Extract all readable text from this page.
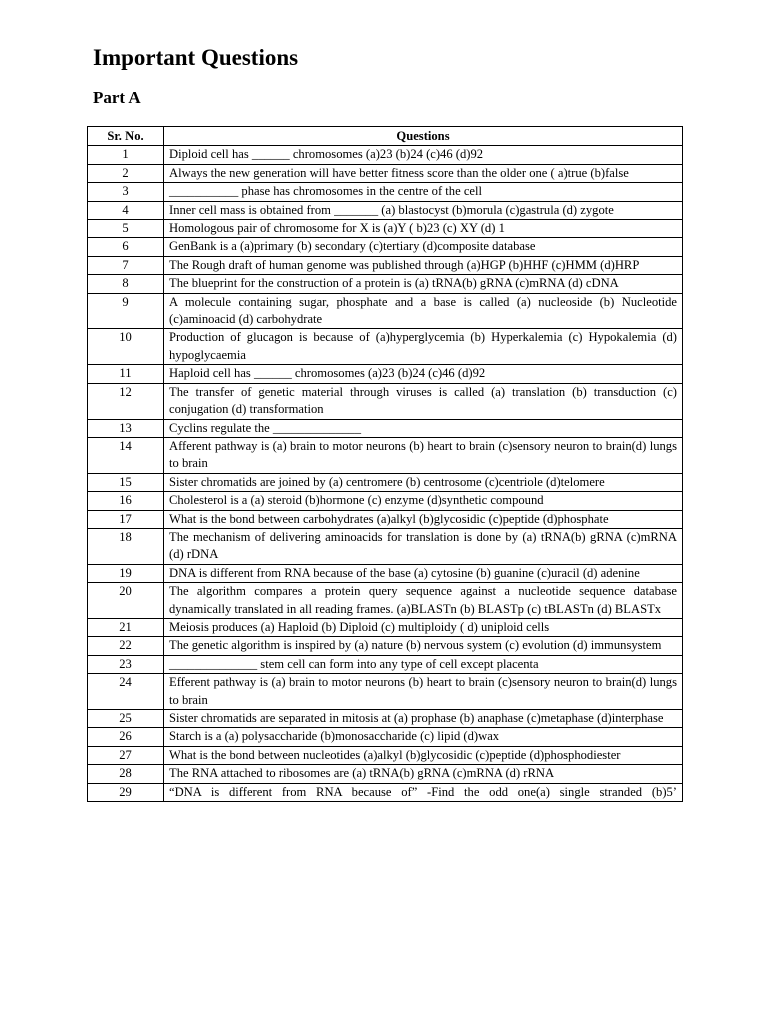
Important Questions
Part A
Sr. No.	Questions
1	Diploid cell has ______ chromosomes (a)23 (b)24 (c)46 (d)92
2	Always the new generation will have better fitness score than the older one ( a)true (b)false
3	___________ phase has chromosomes in the centre of the cell
4	Inner cell mass is obtained from _______ (a) blastocyst (b)morula (c)gastrula (d) zygote
5	Homologous pair of chromosome for X is (a)Y ( b)23 (c) XY (d) 1
6	GenBank is a (a)primary (b) secondary (c)tertiary (d)composite database
7	The Rough draft of human genome was published through (a)HGP (b)HHF (c)HMM (d)HRP
8	The blueprint for the construction of a protein is (a) tRNA(b) gRNA (c)mRNA (d) cDNA
9	A molecule containing sugar, phosphate and a base is called (a) nucleoside (b) Nucleotide (c)aminoacid (d) carbohydrate
10	Production of glucagon is because of (a)hyperglycemia (b) Hyperkalemia (c) Hypokalemia (d) hypoglycaemia
11	Haploid cell has ______ chromosomes (a)23 (b)24 (c)46 (d)92
12	The transfer of genetic material through viruses is called (a) translation (b) transduction (c) conjugation (d) transformation
13	Cyclins regulate the ______________
14	Afferent pathway is (a) brain to motor neurons (b) heart to brain (c)sensory neuron to brain(d) lungs to brain
15	Sister chromatids are joined by (a) centromere (b) centrosome (c)centriole (d)telomere
16	Cholesterol is a (a) steroid (b)hormone (c) enzyme (d)synthetic compound
17	What is the bond between carbohydrates (a)alkyl (b)glycosidic (c)peptide (d)phosphate
18	The mechanism of delivering aminoacids for translation is done by (a) tRNA(b) gRNA (c)mRNA (d) rDNA
19	DNA is different from RNA because of the base (a) cytosine (b) guanine (c)uracil (d) adenine
20	The algorithm compares a protein query sequence against a nucleotide sequence database dynamically translated in all reading frames. (a)BLASTn (b) BLASTp (c) tBLASTn (d) BLASTx
21	Meiosis produces (a) Haploid (b) Diploid (c) multiploidy ( d) uniploid cells
22	The genetic algorithm is inspired by (a) nature (b) nervous system (c) evolution (d) immunsystem
23	______________ stem cell can form into any type of cell except placenta
24	Efferent pathway is (a) brain to motor neurons (b) heart to brain (c)sensory neuron to brain(d) lungs to brain
25	Sister chromatids are separated in mitosis at (a) prophase (b) anaphase (c)metaphase (d)interphase
26	Starch is a (a) polysaccharide (b)monosaccharide (c) lipid (d)wax
27	What is the bond between nucleotides (a)alkyl (b)glycosidic (c)peptide (d)phosphodiester
28	The RNA attached to ribosomes are (a) tRNA(b) gRNA (c)mRNA (d) rRNA
29	“DNA is different from RNA because of” -Find the odd one(a) single stranded (b)5’
